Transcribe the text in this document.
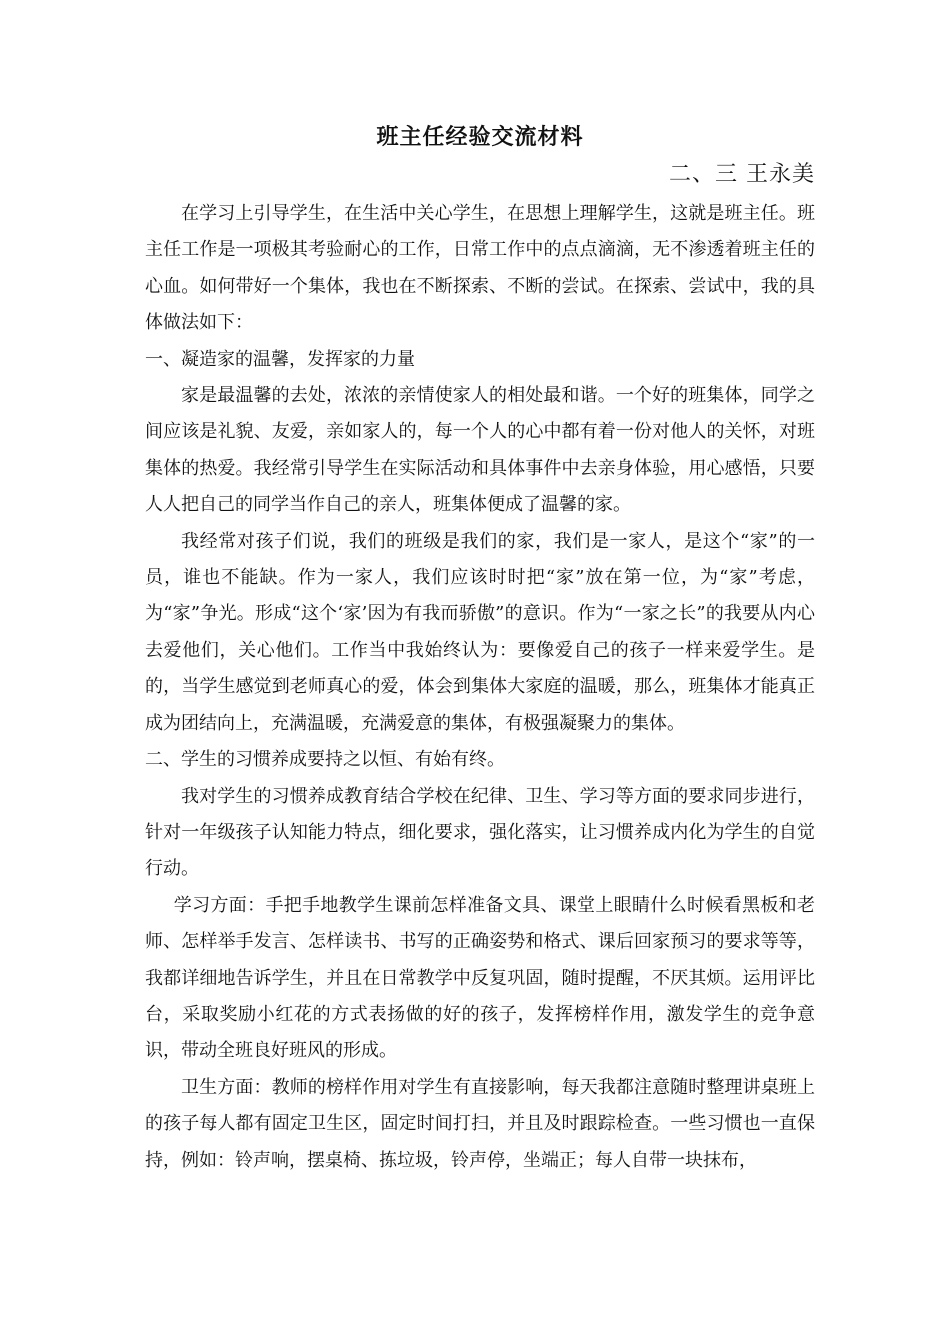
班主任经验交流材料

二、三 王永美

在学习上引导学生，在生活中关心学生，在思想上理解学生，这就是班主任。班主任工作是一项极其考验耐心的工作，日常工作中的点点滴滴，无不渗透着班主任的心血。如何带好一个集体，我也在不断探索、不断的尝试。在探索、尝试中，我的具体做法如下：

一、凝造家的温馨，发挥家的力量

家是最温馨的去处，浓浓的亲情使家人的相处最和谐。一个好的班集体，同学之间应该是礼貌、友爱，亲如家人的，每一个人的心中都有着一份对他人的关怀，对班集体的热爱。我经常引导学生在实际活动和具体事件中去亲身体验，用心感悟，只要人人把自己的同学当作自己的亲人，班集体便成了温馨的家。

我经常对孩子们说，我们的班级是我们的家，我们是一家人，是这个“家”的一员，谁也不能缺。作为一家人，我们应该时时把“家”放在第一位，为“家”考虑，为“家”争光。形成“这个‘家’因为有我而骄傲”的意识。作为“一家之长”的我要从内心去爱他们，关心他们。工作当中我始终认为：要像爱自己的孩子一样来爱学生。是的，当学生感觉到老师真心的爱，体会到集体大家庭的温暖，那么，班集体才能真正成为团结向上，充满温暖，充满爱意的集体，有极强凝聚力的集体。

二、学生的习惯养成要持之以恒、有始有终。

我对学生的习惯养成教育结合学校在纪律、卫生、学习等方面的要求同步进行，针对一年级孩子认知能力特点，细化要求，强化落实，让习惯养成内化为学生的自觉行动。

学习方面：手把手地教学生课前怎样准备文具、课堂上眼睛什么时候看黑板和老师、怎样举手发言、怎样读书、书写的正确姿势和格式、课后回家预习的要求等等，我都详细地告诉学生，并且在日常教学中反复巩固，随时提醒，不厌其烦。运用评比台，采取奖励小红花的方式表扬做的好的孩子，发挥榜样作用，激发学生的竞争意识，带动全班良好班风的形成。

卫生方面：教师的榜样作用对学生有直接影响，每天我都注意随时整理讲桌班上的孩子每人都有固定卫生区，固定时间打扫，并且及时跟踪检查。一些习惯也一直保持，例如：铃声响，摆桌椅、拣垃圾，铃声停，坐端正；每人自带一块抹布，
